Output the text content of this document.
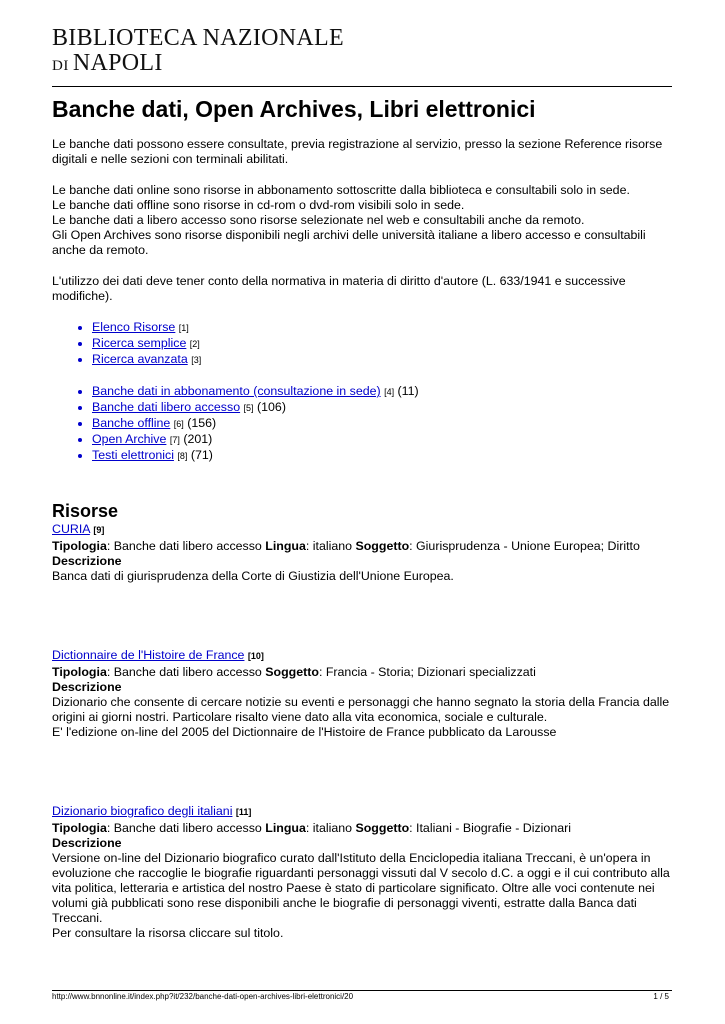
BIBLIOTECA NAZIONALE
DI NAPOLI
Banche dati, Open Archives, Libri elettronici

Le banche dati possono essere consultate, previa registrazione al servizio, presso la sezione Reference risorse digitali e nelle sezioni con terminali abilitati.

Le banche dati online sono risorse in abbonamento sottoscritte dalla biblioteca e consultabili solo in sede.
Le banche dati offline sono risorse in cd-rom o dvd-rom visibili solo in sede.
Le banche dati a libero accesso sono risorse selezionate nel web e consultabili anche da remoto.
Gli Open Archives sono risorse disponibili negli archivi delle università italiane a libero accesso e consultabili anche da remoto.

L'utilizzo dei dati deve tener conto della normativa in materia di diritto d'autore (L. 633/1941 e successive modifiche).

• Elenco Risorse [1]
• Ricerca semplice [2]
• Ricerca avanzata [3]
• Banche dati in abbonamento (consultazione in sede) [4] (11)
• Banche dati libero accesso [5] (106)
• Banche offline [6] (156)
• Open Archive [7] (201)
• Testi elettronici [8] (71)
Risorse
CURIA [9]
Tipologia: Banche dati libero accesso Lingua: italiano Soggetto: Giurisprudenza - Unione Europea; Diritto
Descrizione
Banca dati di giurisprudenza della Corte di Giustizia dell'Unione Europea.
Dictionnaire de l'Histoire de France [10]
Tipologia: Banche dati libero accesso Soggetto: Francia - Storia; Dizionari specializzati
Descrizione
Dizionario che consente di cercare notizie su eventi e personaggi che hanno segnato la storia della Francia dalle origini ai giorni nostri. Particolare risalto viene dato alla vita economica, sociale e culturale.
E' l'edizione on-line del 2005 del Dictionnaire de l'Histoire de France pubblicato da Larousse
Dizionario biografico degli italiani [11]
Tipologia: Banche dati libero accesso Lingua: italiano Soggetto: Italiani - Biografie - Dizionari
Descrizione
Versione on-line del Dizionario biografico curato dall'Istituto della Enciclopedia italiana Treccani, è un'opera in evoluzione che raccoglie le biografie riguardanti personaggi vissuti dal V secolo d.C. a oggi e il cui contributo alla vita politica, letteraria e artistica del nostro Paese è stato di particolare significato. Oltre alle voci contenute nei volumi già pubblicati sono rese disponibili anche le biografie di personaggi viventi, estratte dalla Banca dati Treccani.
Per consultare la risorsa cliccare sul titolo.
http://www.bnnonline.it/index.php?it/232/banche-dati-open-archives-libri-elettronici/20	1 / 5
